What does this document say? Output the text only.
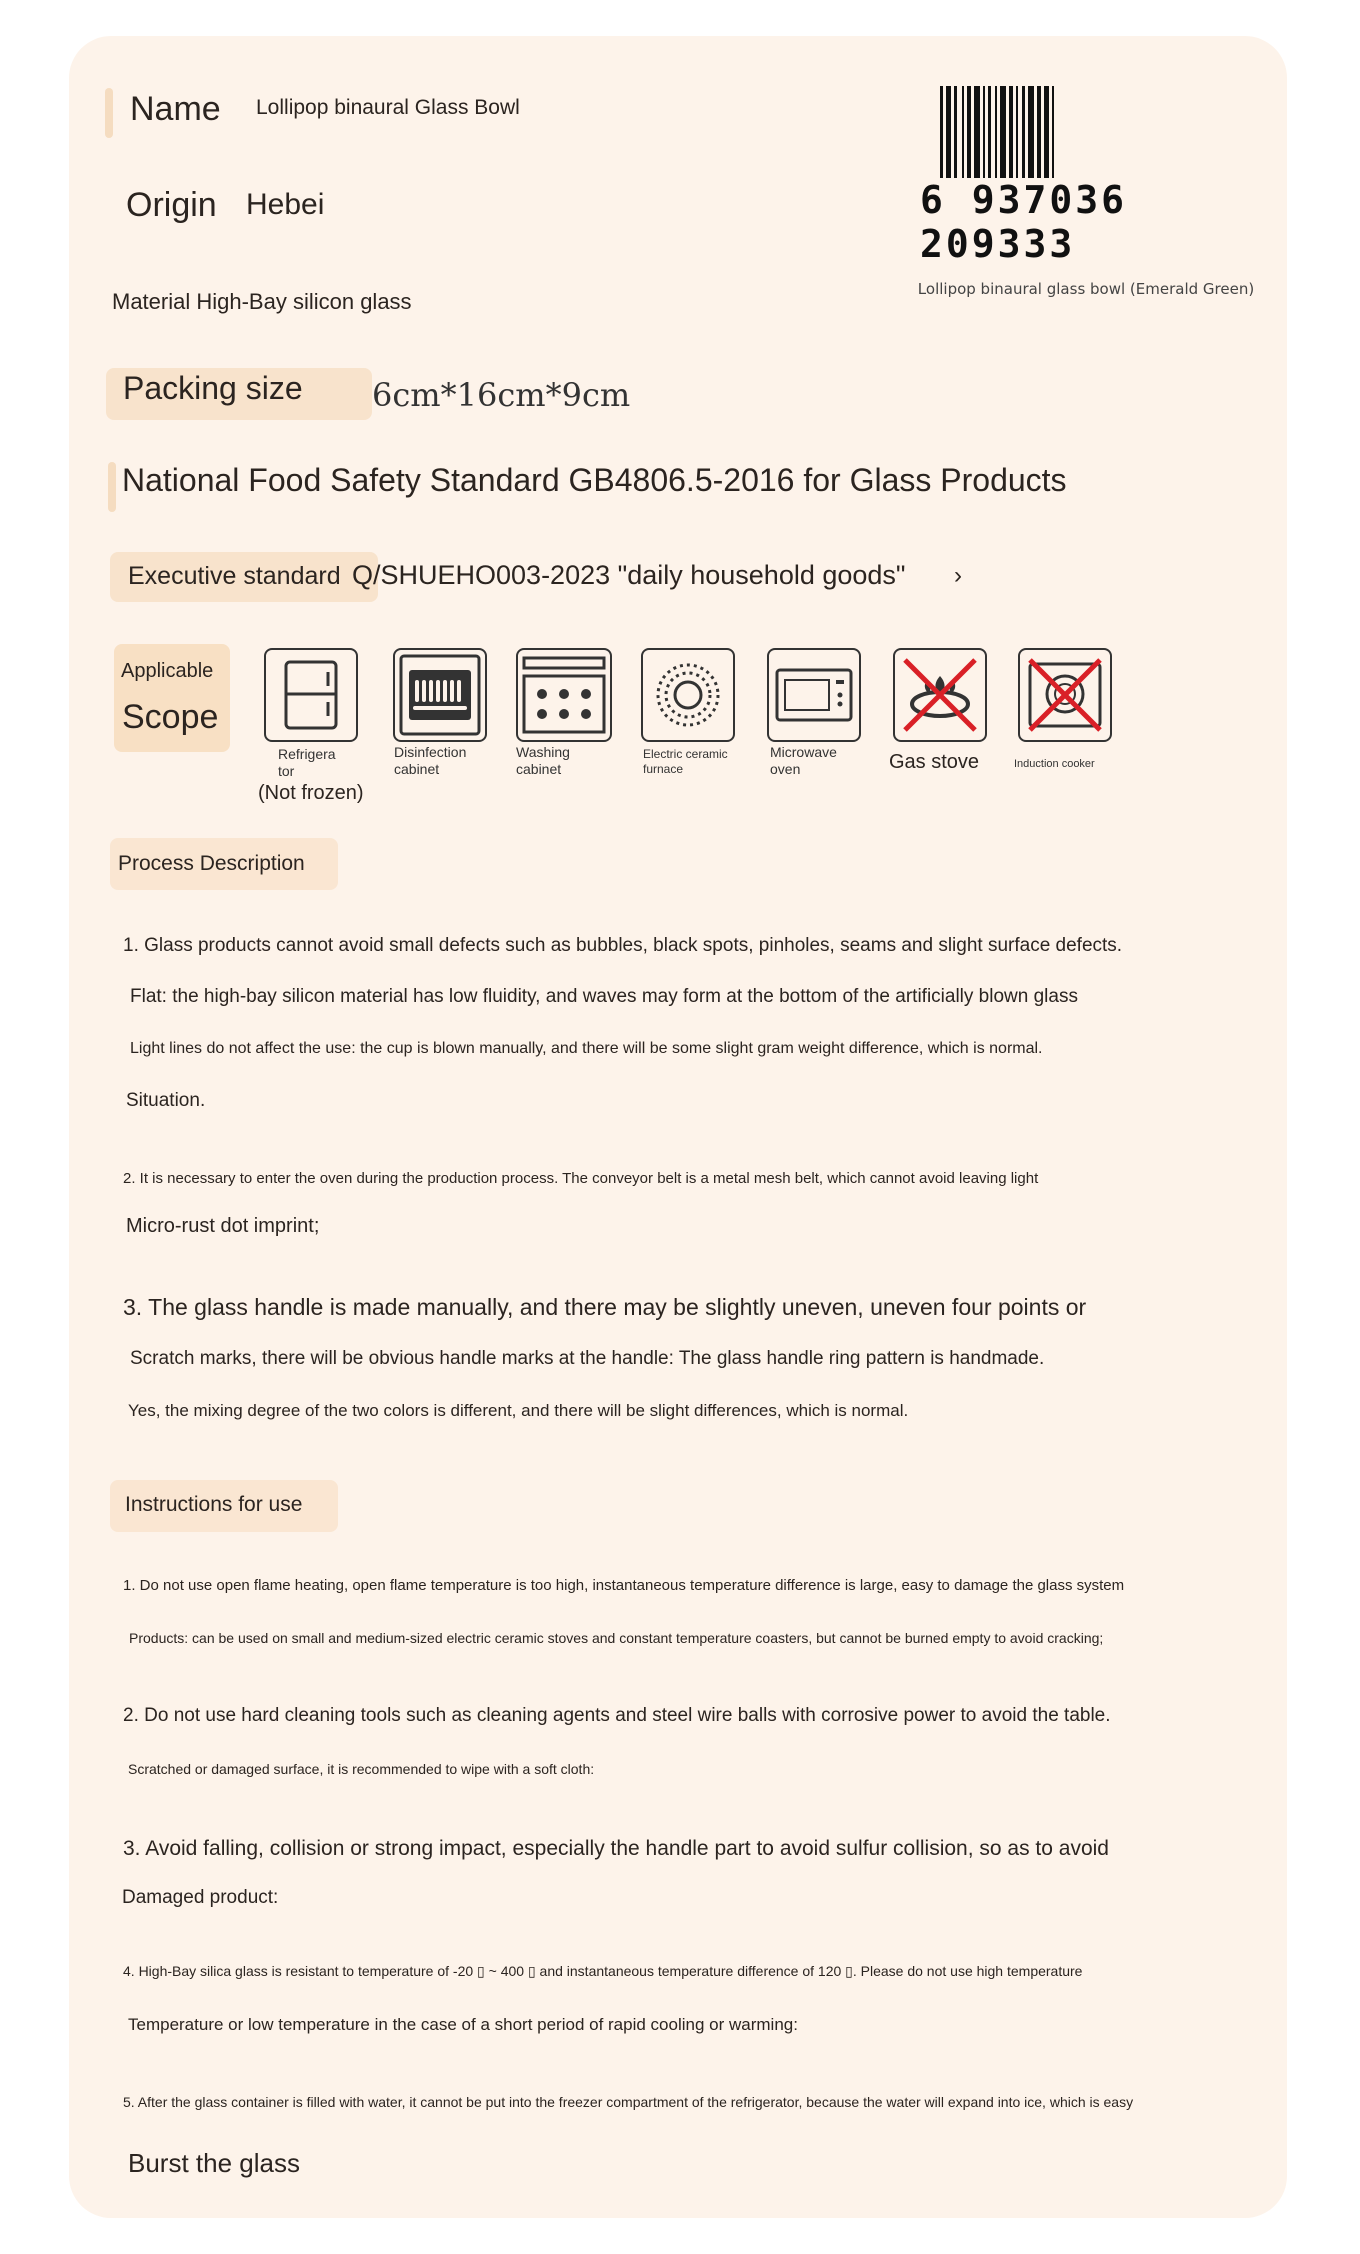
Name Lollipop binaural Glass Bowl
Origin Hebei
Material High-Bay silicon glass
Packing size 6cm*16cm*9cm
National Food Safety Standard GB4806.5-2016 for Glass Products
Executive standard Q/SHUEHO003-2023 "daily household goods" ›
6 937036 209333
Lollipop binaural glass bowl (Emerald Green)
Applicable
Scope
Refrigera
tor
(Not frozen)
Disinfection
cabinet
Washing
cabinet
Electric ceramic
furnace
Microwave
oven	Gas stove	Induction cooker
Process Description
1. Glass products cannot avoid small defects such as bubbles, black spots, pinholes, seams and slight surface defects.
Flat: the high-bay silicon material has low fluidity, and waves may form at the bottom of the artificially blown glass
Light lines do not affect the use: the cup is blown manually, and there will be some slight gram weight difference, which is normal.
Situation.
2. It is necessary to enter the oven during the production process. The conveyor belt is a metal mesh belt, which cannot avoid leaving light
Micro-rust dot imprint;
3. The glass handle is made manually, and there may be slightly uneven, uneven four points or
Scratch marks, there will be obvious handle marks at the handle: The glass handle ring pattern is handmade.
Yes, the mixing degree of the two colors is different, and there will be slight differences, which is normal.
Instructions for use
1. Do not use open flame heating, open flame temperature is too high, instantaneous temperature difference is large, easy to damage the glass system
Products: can be used on small and medium-sized electric ceramic stoves and constant temperature coasters, but cannot be burned empty to avoid cracking;
2. Do not use hard cleaning tools such as cleaning agents and steel wire balls with corrosive power to avoid the table.
Scratched or damaged surface, it is recommended to wipe with a soft cloth:
3. Avoid falling, collision or strong impact, especially the handle part to avoid sulfur collision, so as to avoid
Damaged product:
4. High-Bay silica glass is resistant to temperature of -20 ▯ ~ 400 ▯ and instantaneous temperature difference of 120 ▯. Please do not use high temperature
Temperature or low temperature in the case of a short period of rapid cooling or warming:
5. After the glass container is filled with water, it cannot be put into the freezer compartment of the refrigerator, because the water will expand into ice, which is easy
Burst the glass
